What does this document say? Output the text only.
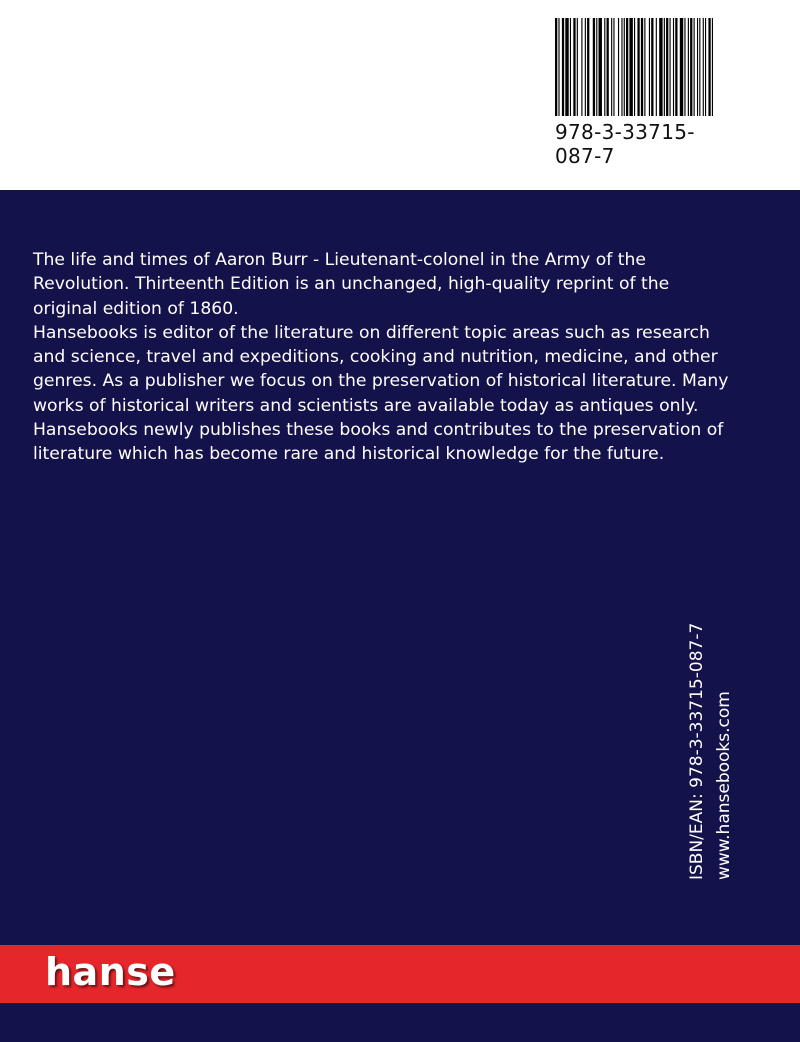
978-3-33715-087-7

The life and times of Aaron Burr - Lieutenant-colonel in the Army of the Revolution. Thirteenth Edition is an unchanged, high-quality reprint of the original edition of 1860.

Hansebooks is editor of the literature on different topic areas such as research and science, travel and expeditions, cooking and nutrition, medicine, and other genres. As a publisher we focus on the preservation of historical literature. Many works of historical writers and scientists are available today as antiques only. Hansebooks newly publishes these books and contributes to the preservation of literature which has become rare and historical knowledge for the future.

ISBN/EAN: 978-3-33715-087-7 www.hansebooks.com
hanse
